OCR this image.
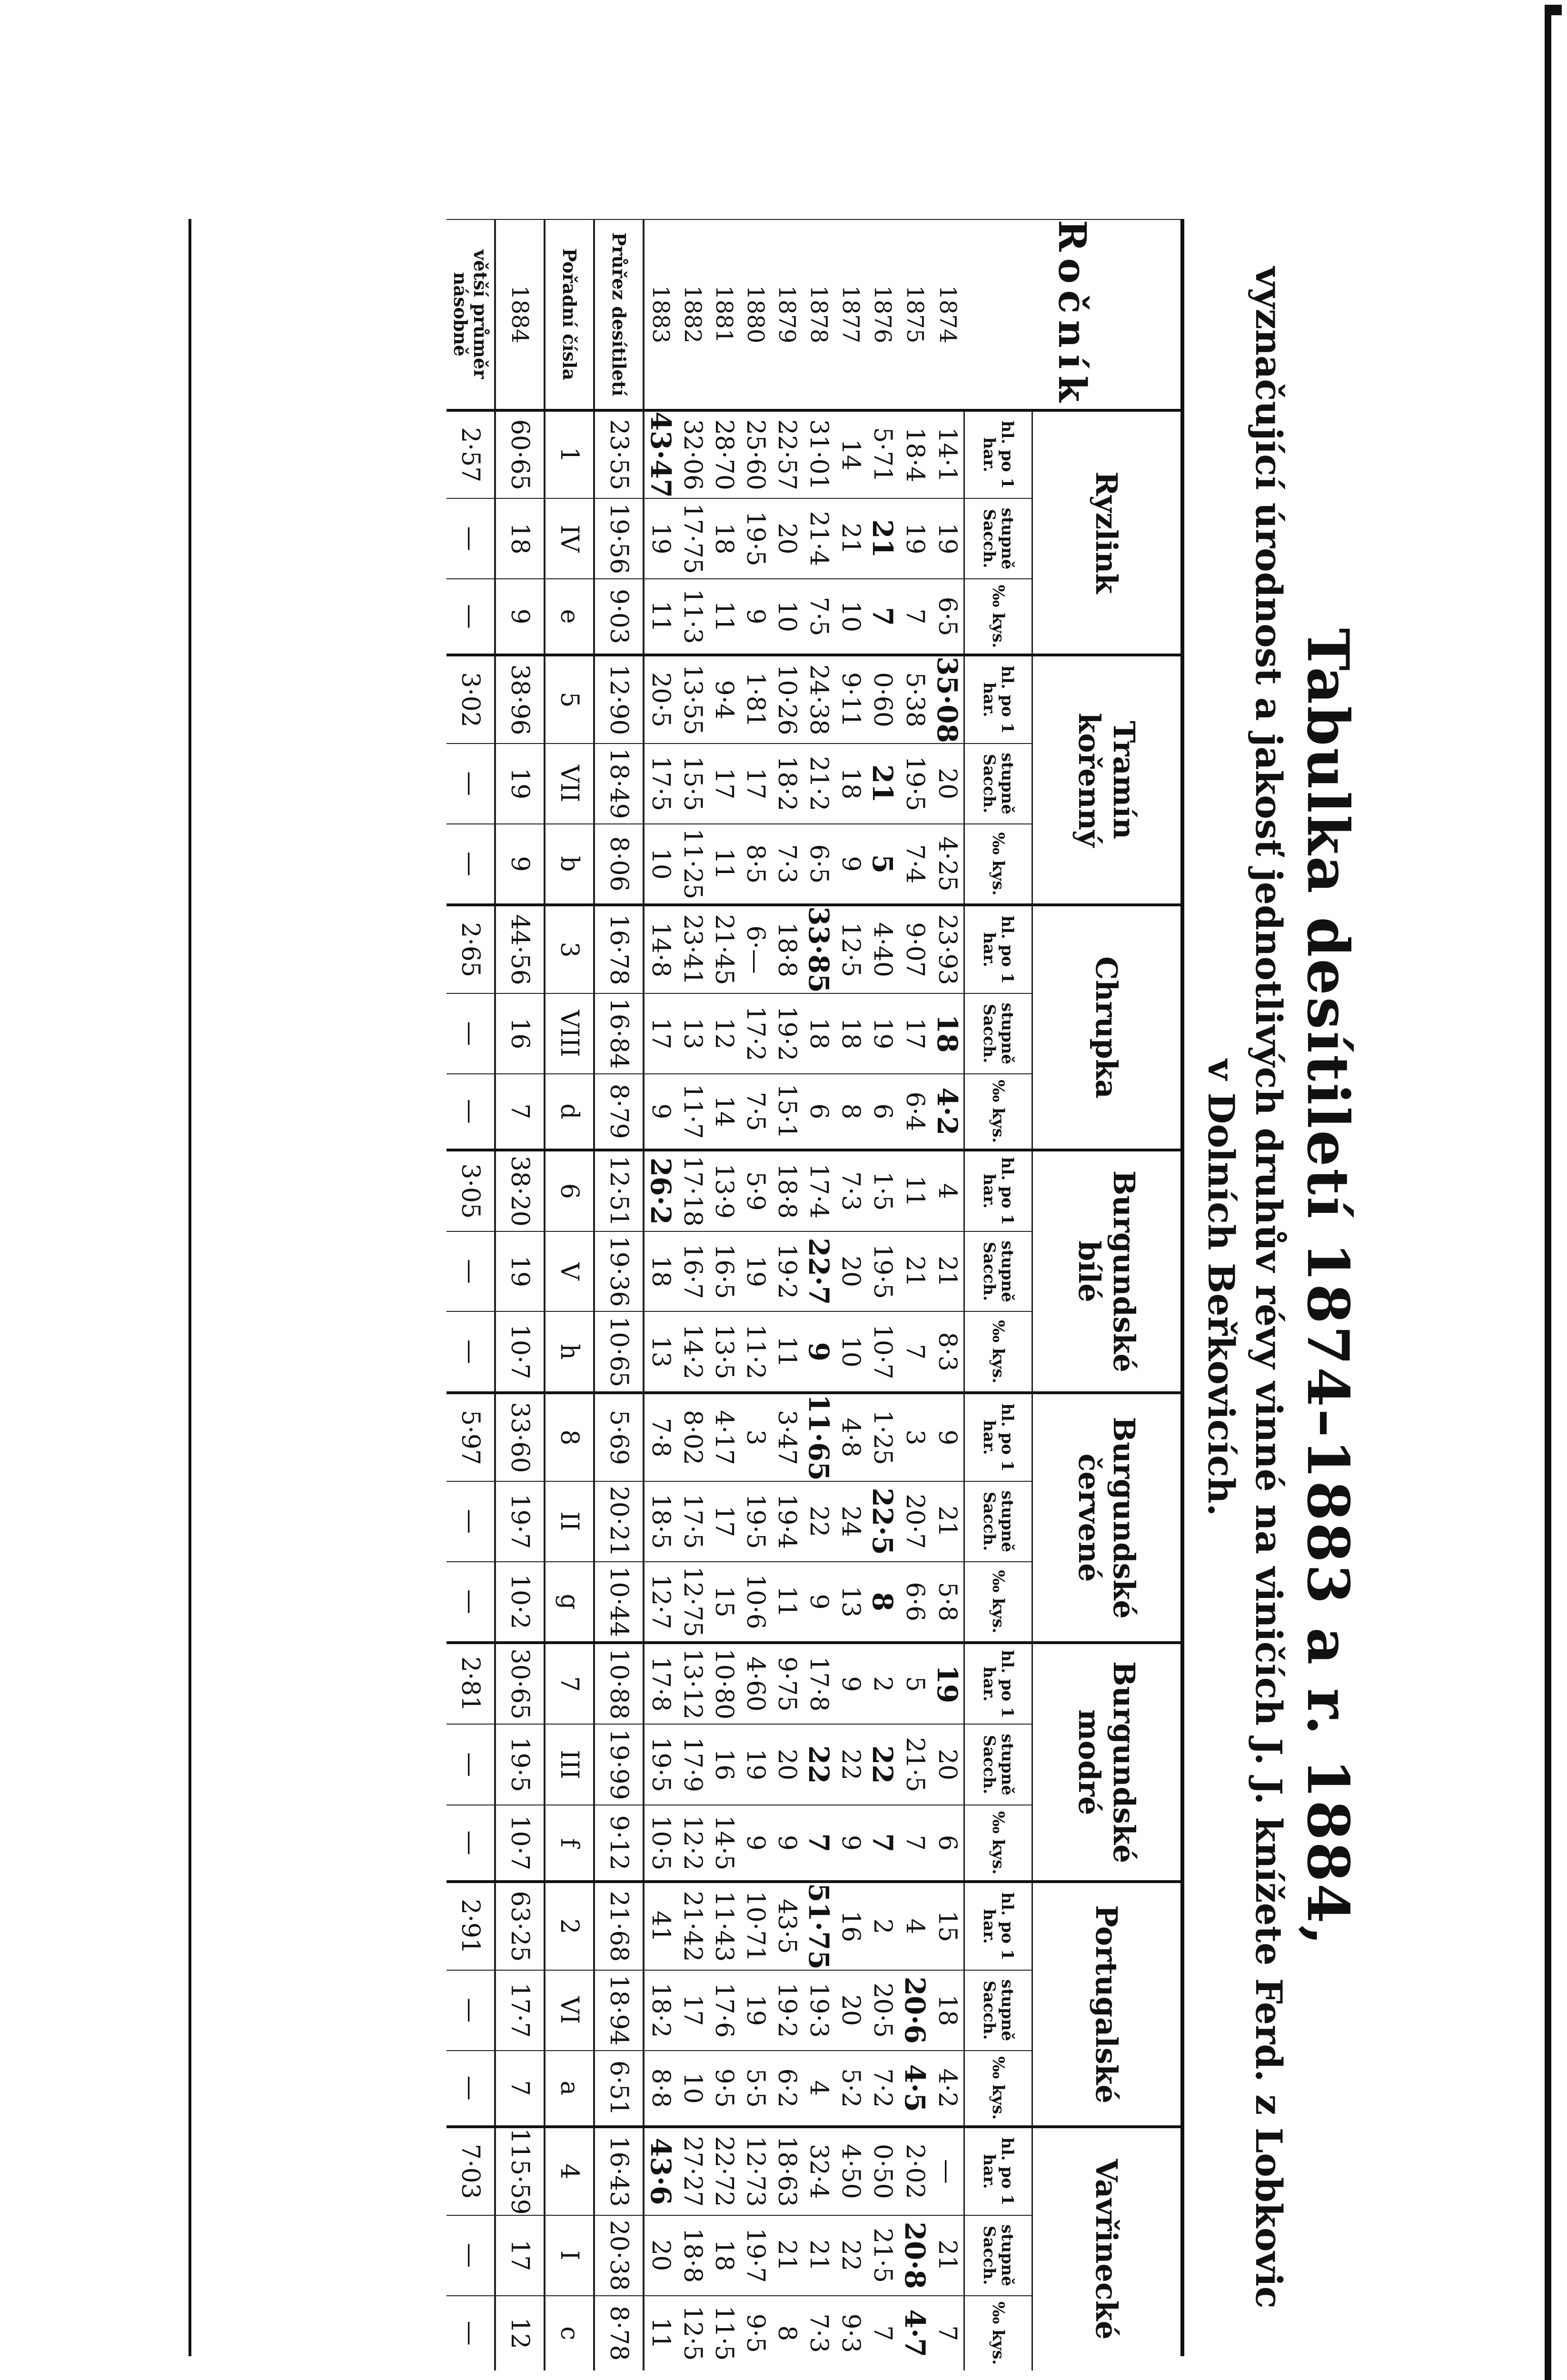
Tabulka desítiletí 1874–1883 a r. 1884,
vyznačující úrodnost a jakosť jednotlivých druhův révy vinné na viničích J. J. knížete Ferd. z Lobkovic
v Dolních Beřkovicích.
Ročník	Ryzlink			Tramín kořenný			Chrupka			Burgundské bílé			Burgundské červené			Burgundské modré			Portugalské			Vavřinecké		
	hl. po 1 har.	stupně Sacch.	‰ kys.	hl. po 1 har.	stupně Sacch.	‰ kys.	hl. po 1 har.	stupně Sacch.	‰ kys.	hl. po 1 har.	stupně Sacch.	‰ kys.	hl. po 1 har.	stupně Sacch.	‰ kys.	hl. po 1 har.	stupně Sacch.	‰ kys.	hl. po 1 har.	stupně Sacch.	‰ kys.	hl. po 1 har.	stupně Sacch.	‰ kys.
1874	14·1	19	6·5	35·08	20	4·25	23·93	18	4·2	4	21	8·3	9	21	5·8	19	20	6	15	18	4·2	—	21	7
1875	18·4	19	7	5·38	19·5	7·4	9·07	17	6·4	11	21	7	3	20·7	6·6	5	21·5	7	4	20·6	4·5	2·02	20·8	4·7
1876	5·71	21	7	0·60	21	5	4·40	19	6	1·5	19·5	10·7	1·25	22·5	8	2	22	7	2	20·5	7·2	0·50	21·5	7
1877	14	21	10	9·11	18	9	12·5	18	8	7·3	20	10	4·8	24	13	9	22	9	16	20	5·2	4·50	22	9·3
1878	31·01	21·4	7·5	24·38	21·2	6·5	33·85	18	6	17·4	22·7	9	11·65	22	9	17·8	22	7	51·75	19·3	4	32·4	21	7·3
1879	22·57	20	10	10·26	18·2	7·3	18·8	19·2	15·1	18·8	19·2	11	3·47	19·4	11	9·75	20	9	43·5	19·2	6·2	18·63	21	8
1880	25·60	19·5	9	1·81	17	8·5	6·—	17·2	7·5	5·9	19	11·2	3	19·5	10·6	4·60	19	9	10·71	19	5·5	12·73	19·7	9·5
1881	28·70	18	11	9·4	17	11	21·45	12	14	13·9	16·5	13·5	4·17	17	15	10·80	16	14·5	11·43	17·6	9·5	22·72	18	11·5
1882	32·06	17·75	11·3	13·55	15·5	11·25	23·41	13	11·7	17·18	16·7	14·2	8·02	17·5	12·75	13·12	17·9	12·2	21·42	17	10	27·27	18·8	12·5
1883	43·47	19	11	20·5	17·5	10	14·8	17	9	26·2	18	13	7·8	18·5	12·7	17·8	19·5	10·5	41	18·2	8·8	43·6	20	11
Průřez desítiletí	23·55	19·56	9·03	12·90	18·49	8·06	16·78	16·84	8·79	12·51	19·36	10·65	5·69	20·21	10·44	10·88	19·99	9·12	21·68	18·94	6·51	16·43	20·38	8·78
Pořadní čísla	1	IV	e	5	VII	b	3	VIII	d	6	V	h	8	II	g	7	III	f	2	VI	a	4	I	c
1884	60·65	18	9	38·96	19	9	44·56	16	7	38·20	19	10·7	33·60	19·7	10·2	30·65	19·5	10·7	63·25	17·7	7	115·59	17	12
větší průměr násobně	2·57	—	—	3·02	—	—	2·65	—	—	3·05	—	—	5·97	—	—	2·81	—	—	2·91	—	—	7·03	—	—
